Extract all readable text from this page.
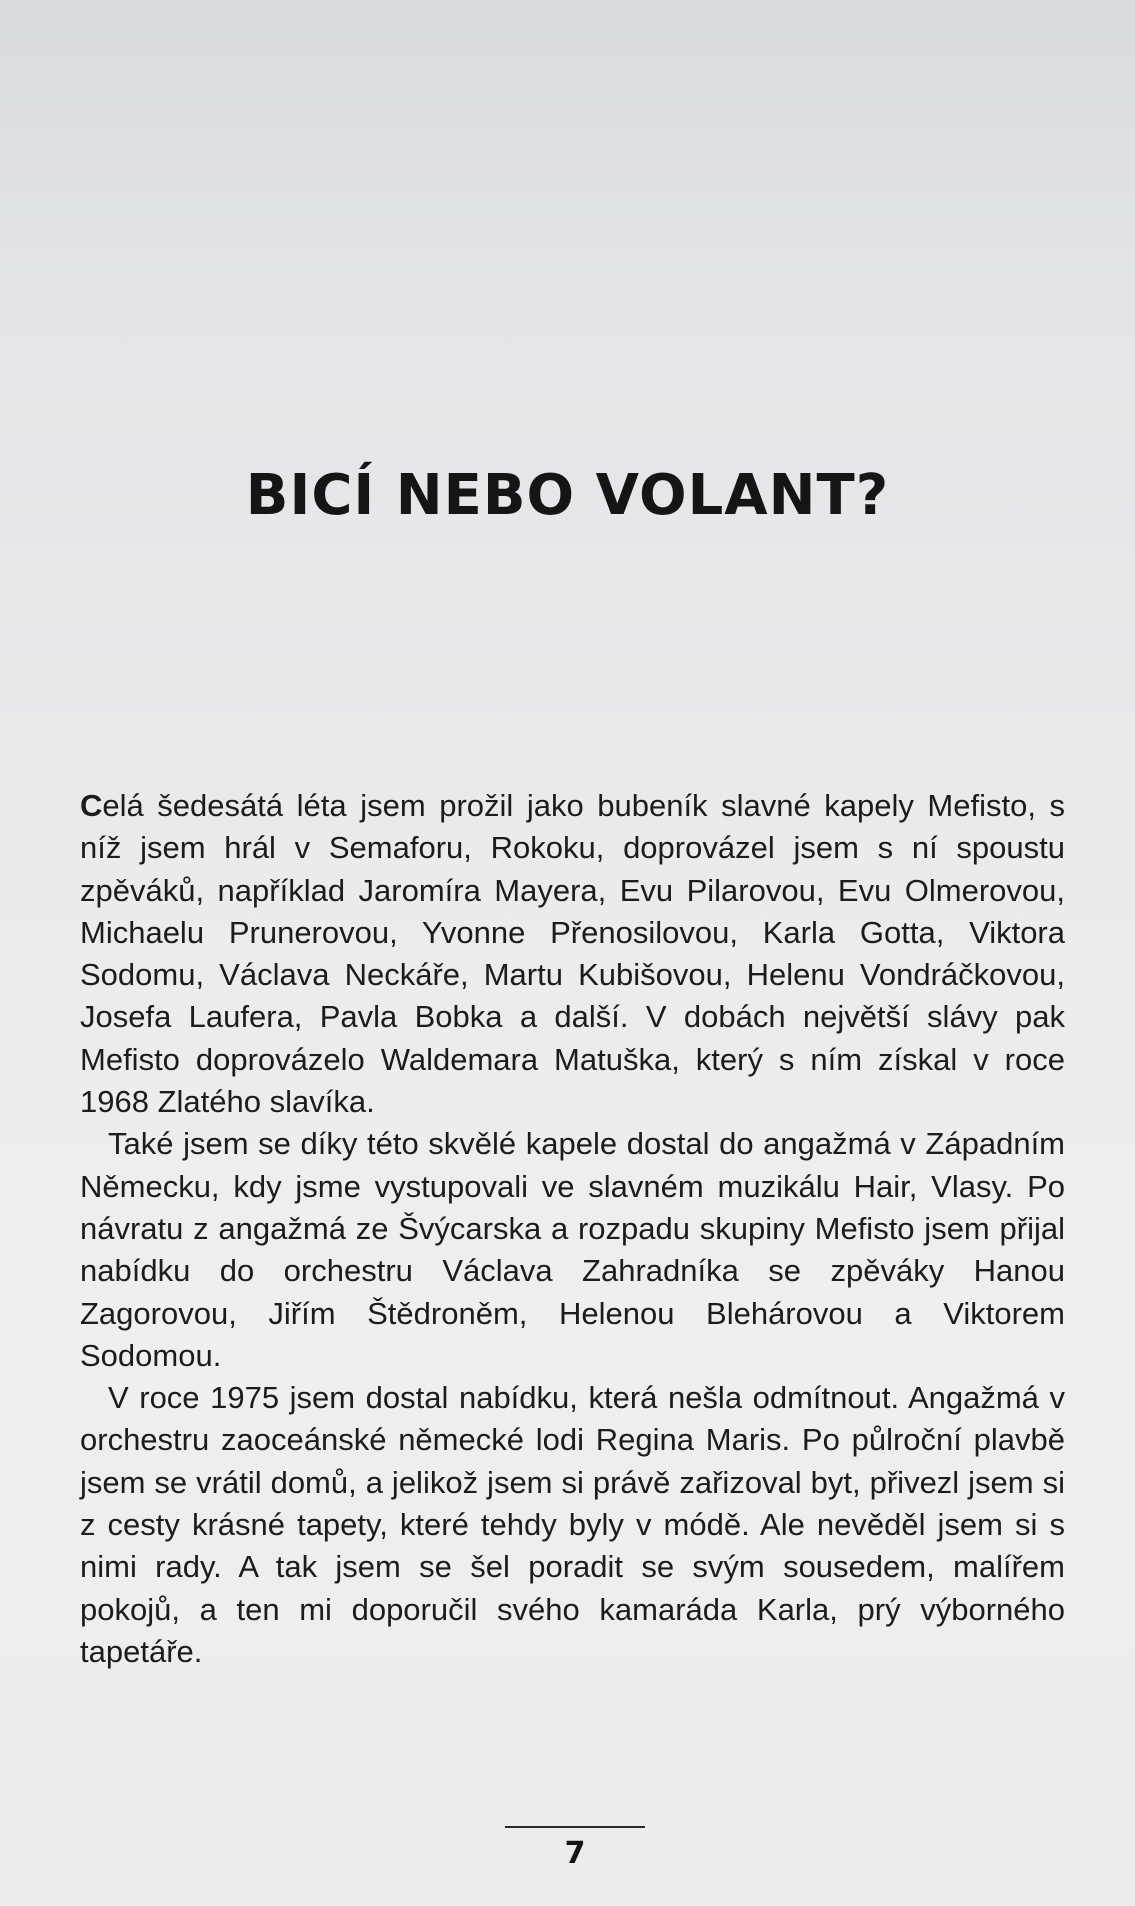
BICÍ NEBO VOLANT?

Celá šedesátá léta jsem prožil jako bubeník slavné kapely Mefisto, s níž jsem hrál v Semaforu, Rokoku, doprovázel jsem s ní spoustu zpěváků, například Jaromíra Mayera, Evu Pilarovou, Evu Olmerovou, Michaelu Prunerovou, Yvonne Přenosilovou, Karla Gotta, Viktora Sodomu, Václava Neckáře, Martu Kubišovou, Helenu Vondráčkovou, Josefa Laufera, Pavla Bobka a další. V dobách největší slávy pak Mefisto doprovázelo Waldemara Matuška, který s ním získal v roce 1968 Zlatého slavíka.

Také jsem se díky této skvělé kapele dostal do angažmá v Západním Německu, kdy jsme vystupovali ve slavném muzikálu Hair, Vlasy. Po návratu z angažmá ze Švýcarska a rozpadu skupiny Mefisto jsem přijal nabídku do orchestru Václava Zahradníka se zpěváky Hanou Zagorovou, Jiřím Štědroněm, Helenou Blehárovou a Viktorem Sodomou.

V roce 1975 jsem dostal nabídku, která nešla odmítnout. Angažmá v orchestru zaoceánské německé lodi Regina Maris. Po půlroční plavbě jsem se vrátil domů, a jelikož jsem si právě zařizoval byt, přivezl jsem si z cesty krásné tapety, které tehdy byly v módě. Ale nevěděl jsem si s nimi rady. A tak jsem se šel poradit se svým sousedem, malířem pokojů, a ten mi doporučil svého kamaráda Karla, prý výborného tapetáře.

7
